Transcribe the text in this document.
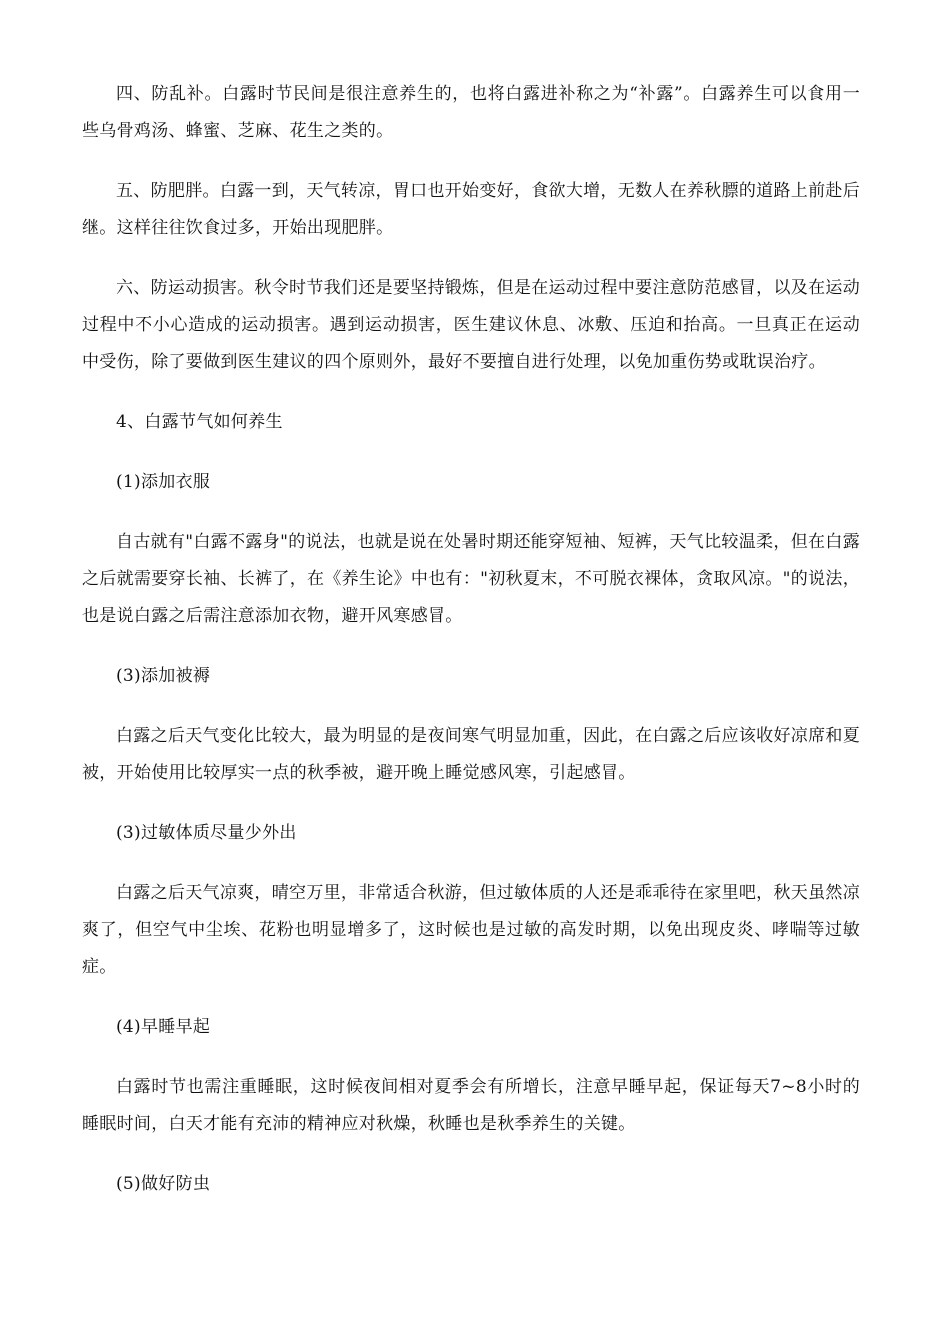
四、防乱补。白露时节民间是很注意养生的，也将白露进补称之为“补露”。白露养生可以食用一些乌骨鸡汤、蜂蜜、芝麻、花生之类的。

五、防肥胖。白露一到，天气转凉，胃口也开始变好，食欲大增，无数人在养秋膘的道路上前赴后继。这样往往饮食过多，开始出现肥胖。

六、防运动损害。秋令时节我们还是要坚持锻炼，但是在运动过程中要注意防范感冒，以及在运动过程中不小心造成的运动损害。遇到运动损害，医生建议休息、冰敷、压迫和抬高。一旦真正在运动中受伤，除了要做到医生建议的四个原则外，最好不要擅自进行处理，以免加重伤势或耽误治疗。

4、白露节气如何养生

(1)添加衣服

自古就有"白露不露身"的说法，也就是说在处暑时期还能穿短袖、短裤，天气比较温柔，但在白露之后就需要穿长袖、长裤了，在《养生论》中也有："初秋夏末，不可脱衣裸体，贪取风凉。"的说法，也是说白露之后需注意添加衣物，避开风寒感冒。

(3)添加被褥

白露之后天气变化比较大，最为明显的是夜间寒气明显加重，因此，在白露之后应该收好凉席和夏被，开始使用比较厚实一点的秋季被，避开晚上睡觉感风寒，引起感冒。

(3)过敏体质尽量少外出

白露之后天气凉爽，晴空万里，非常适合秋游，但过敏体质的人还是乖乖待在家里吧，秋天虽然凉爽了，但空气中尘埃、花粉也明显增多了，这时候也是过敏的高发时期，以免出现皮炎、哮喘等过敏症。

(4)早睡早起

白露时节也需注重睡眠，这时候夜间相对夏季会有所增长，注意早睡早起，保证每天7~8小时的睡眠时间，白天才能有充沛的精神应对秋燥，秋睡也是秋季养生的关键。

(5)做好防虫
